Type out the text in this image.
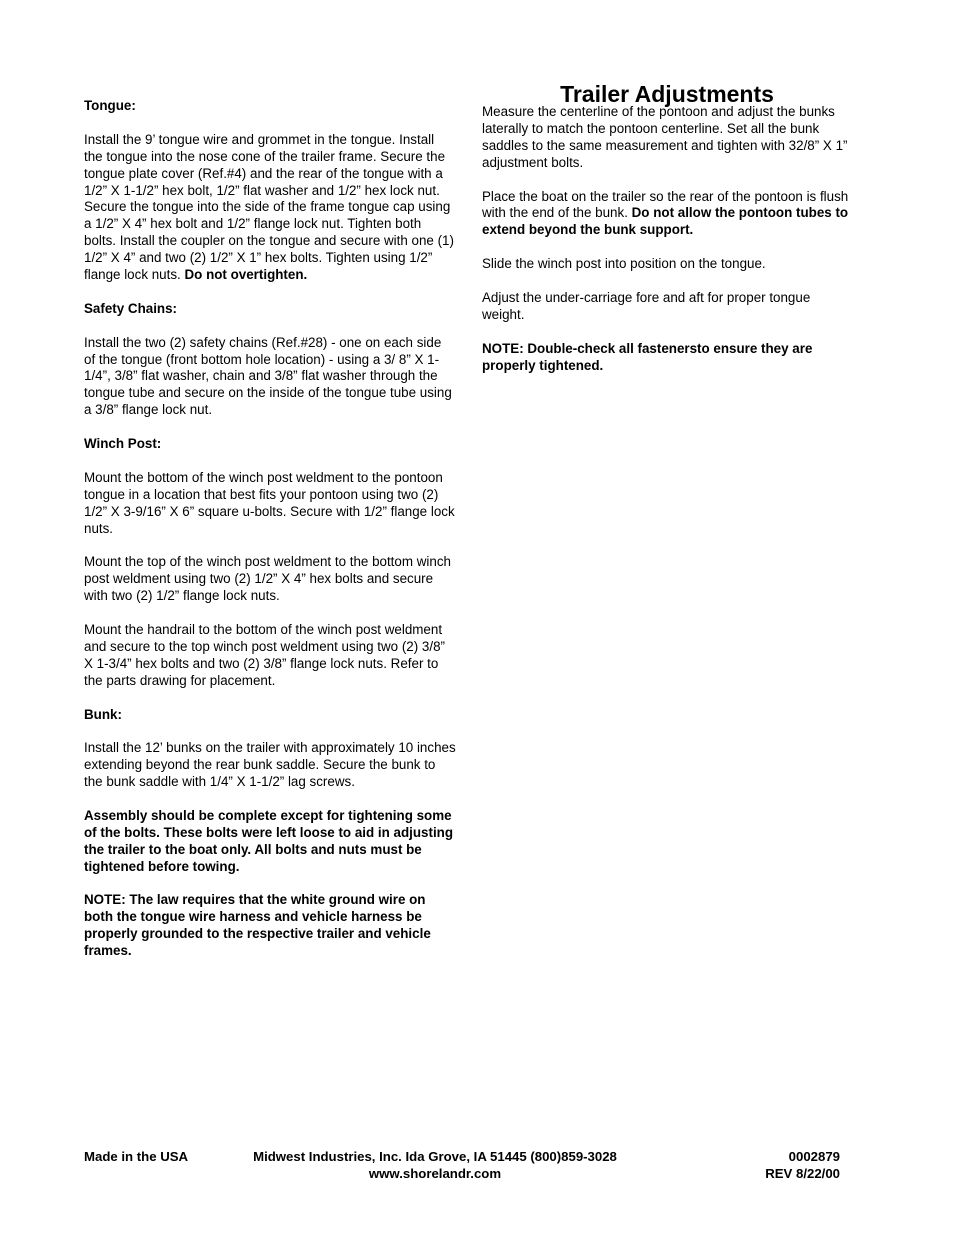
Tongue:

Install the 9’ tongue wire and grommet in the tongue. Install the tongue into the nose cone of the trailer frame. Secure the tongue plate cover (Ref.#4) and the rear of the tongue with a 1/2” X 1-1/2” hex bolt, 1/2” flat washer and 1/2” hex lock nut. Secure the tongue into the side of the frame tongue cap using a 1/2” X 4” hex bolt and 1/2” flange lock nut. Tighten both bolts. Install the coupler on the tongue and secure with one (1) 1/2” X 4” and two (2) 1/2” X 1” hex bolts. Tighten using 1/2” flange lock nuts. Do not overtighten.

Safety Chains:

Install the two (2) safety chains (Ref.#28) - one on each side of the tongue (front bottom hole location) - using a 3/ 8” X 1-1/4”, 3/8” flat washer, chain and 3/8” flat washer through the tongue tube and secure on the inside of the tongue tube using a 3/8” flange lock nut.

Winch Post:

Mount the bottom of the winch post weldment to the pontoon tongue in a location that best fits your pontoon using two (2) 1/2” X 3-9/16” X 6” square u-bolts. Secure with 1/2” flange lock nuts.

Mount the top of the winch post weldment to the bottom winch post weldment using two (2) 1/2” X 4” hex bolts and secure with two (2) 1/2” flange lock nuts.

Mount the handrail to the bottom of the winch post weldment and secure to the top winch post weldment using two (2) 3/8” X 1-3/4” hex bolts and two (2) 3/8” flange lock nuts. Refer to the parts drawing for placement.

Bunk:

Install the 12’ bunks on the trailer with approximately 10 inches extending beyond the rear bunk saddle. Secure the bunk to the bunk saddle with 1/4” X 1-1/2” lag screws.

Assembly should be complete except for tightening some of the bolts. These bolts were left loose to aid in adjusting the trailer to the boat only. All bolts and nuts must be tightened before towing.

NOTE: The law requires that the white ground wire on both the tongue wire harness and vehicle harness be properly grounded to the respective trailer and vehicle frames.

Trailer Adjustments

Measure the centerline of the pontoon and adjust the bunks laterally to match the pontoon centerline. Set all the bunk saddles to the same measurement and tighten with 32/8” X 1” adjustment bolts.

Place the boat on the trailer so the rear of the pontoon is flush with the end of the bunk. Do not allow the pontoon tubes to extend beyond the bunk support.

Slide the winch post into position on the tongue.

Adjust the under-carriage fore and aft for proper tongue weight.

NOTE: Double-check all fastenersto ensure they are properly tightened.

Made in the USA	Midwest Industries, Inc. Ida Grove, IA 51445 (800)859-3028
www.shorelandr.com
0002879
REV 8/22/00
